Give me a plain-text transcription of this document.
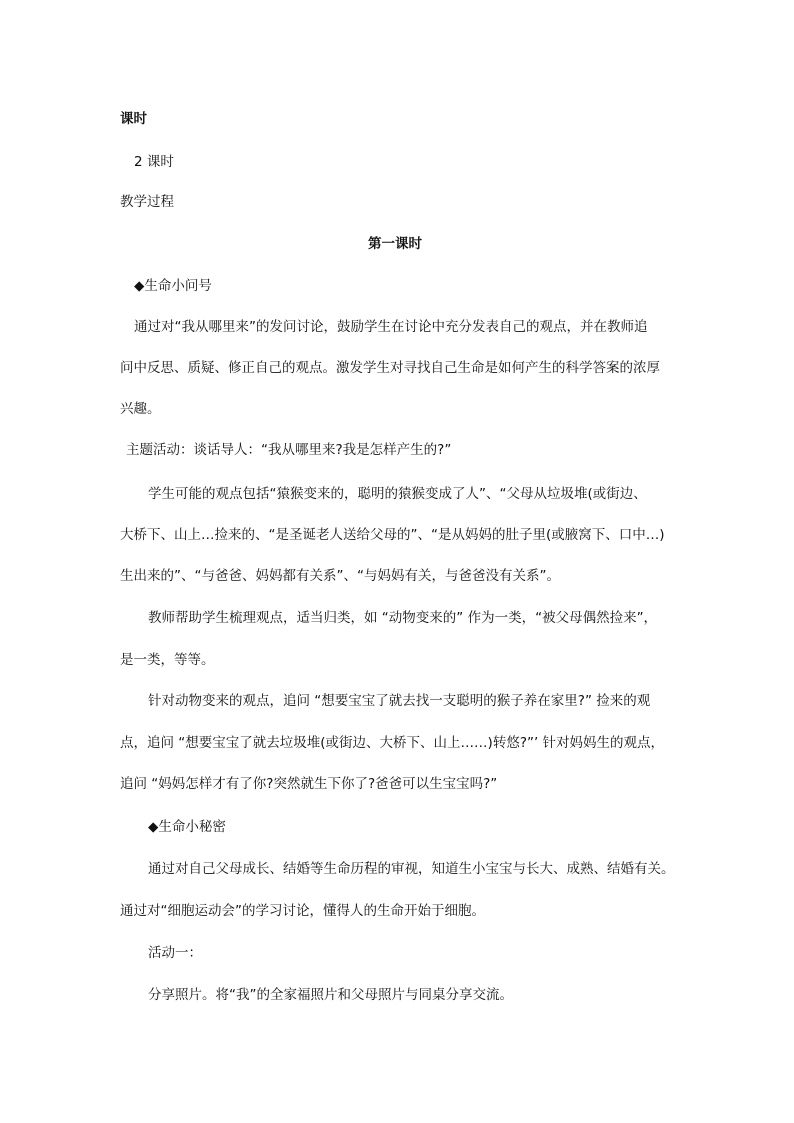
课时
2 课时
教学过程
第一课时
◆生命小问号
通过对“我从哪里来”的发问讨论，鼓励学生在讨论中充分发表自己的观点，并在教师追
问中反思、质疑、修正自己的观点。激发学生对寻找自己生命是如何产生的科学答案的浓厚
兴趣。
主题活动：谈话导人：“我从哪里来?我是怎样产生的?”
学生可能的观点包括“猿猴变来的，聪明的猿猴变成了人”、“父母从垃圾堆(或街边、
大桥下、山上…捡来的、“是圣诞老人送给父母的”、“是从妈妈的肚子里(或腋窝下、口中…)
生出来的”、“与爸爸、妈妈都有关系”、“与妈妈有关，与爸爸没有关系”。
教师帮助学生梳理观点，适当归类，如 “动物变来的” 作为一类，“被父母偶然捡来”，
是一类，等等。
针对动物变来的观点，追问 “想要宝宝了就去找一支聪明的猴子养在家里?” 捡来的观
点，追问 “想要宝宝了就去垃圾堆(或街边、大桥下、山上……)转悠?”’ 针对妈妈生的观点，
追问 “妈妈怎样才有了你?突然就生下你了?爸爸可以生宝宝吗?”
◆生命小秘密
通过对自己父母成长、结婚等生命历程的审视，知道生小宝宝与长大、成熟、结婚有关。
通过对“细胞运动会”的学习讨论，懂得人的生命开始于细胞。
活动一：
分享照片。将“我”的全家福照片和父母照片与同桌分享交流。
